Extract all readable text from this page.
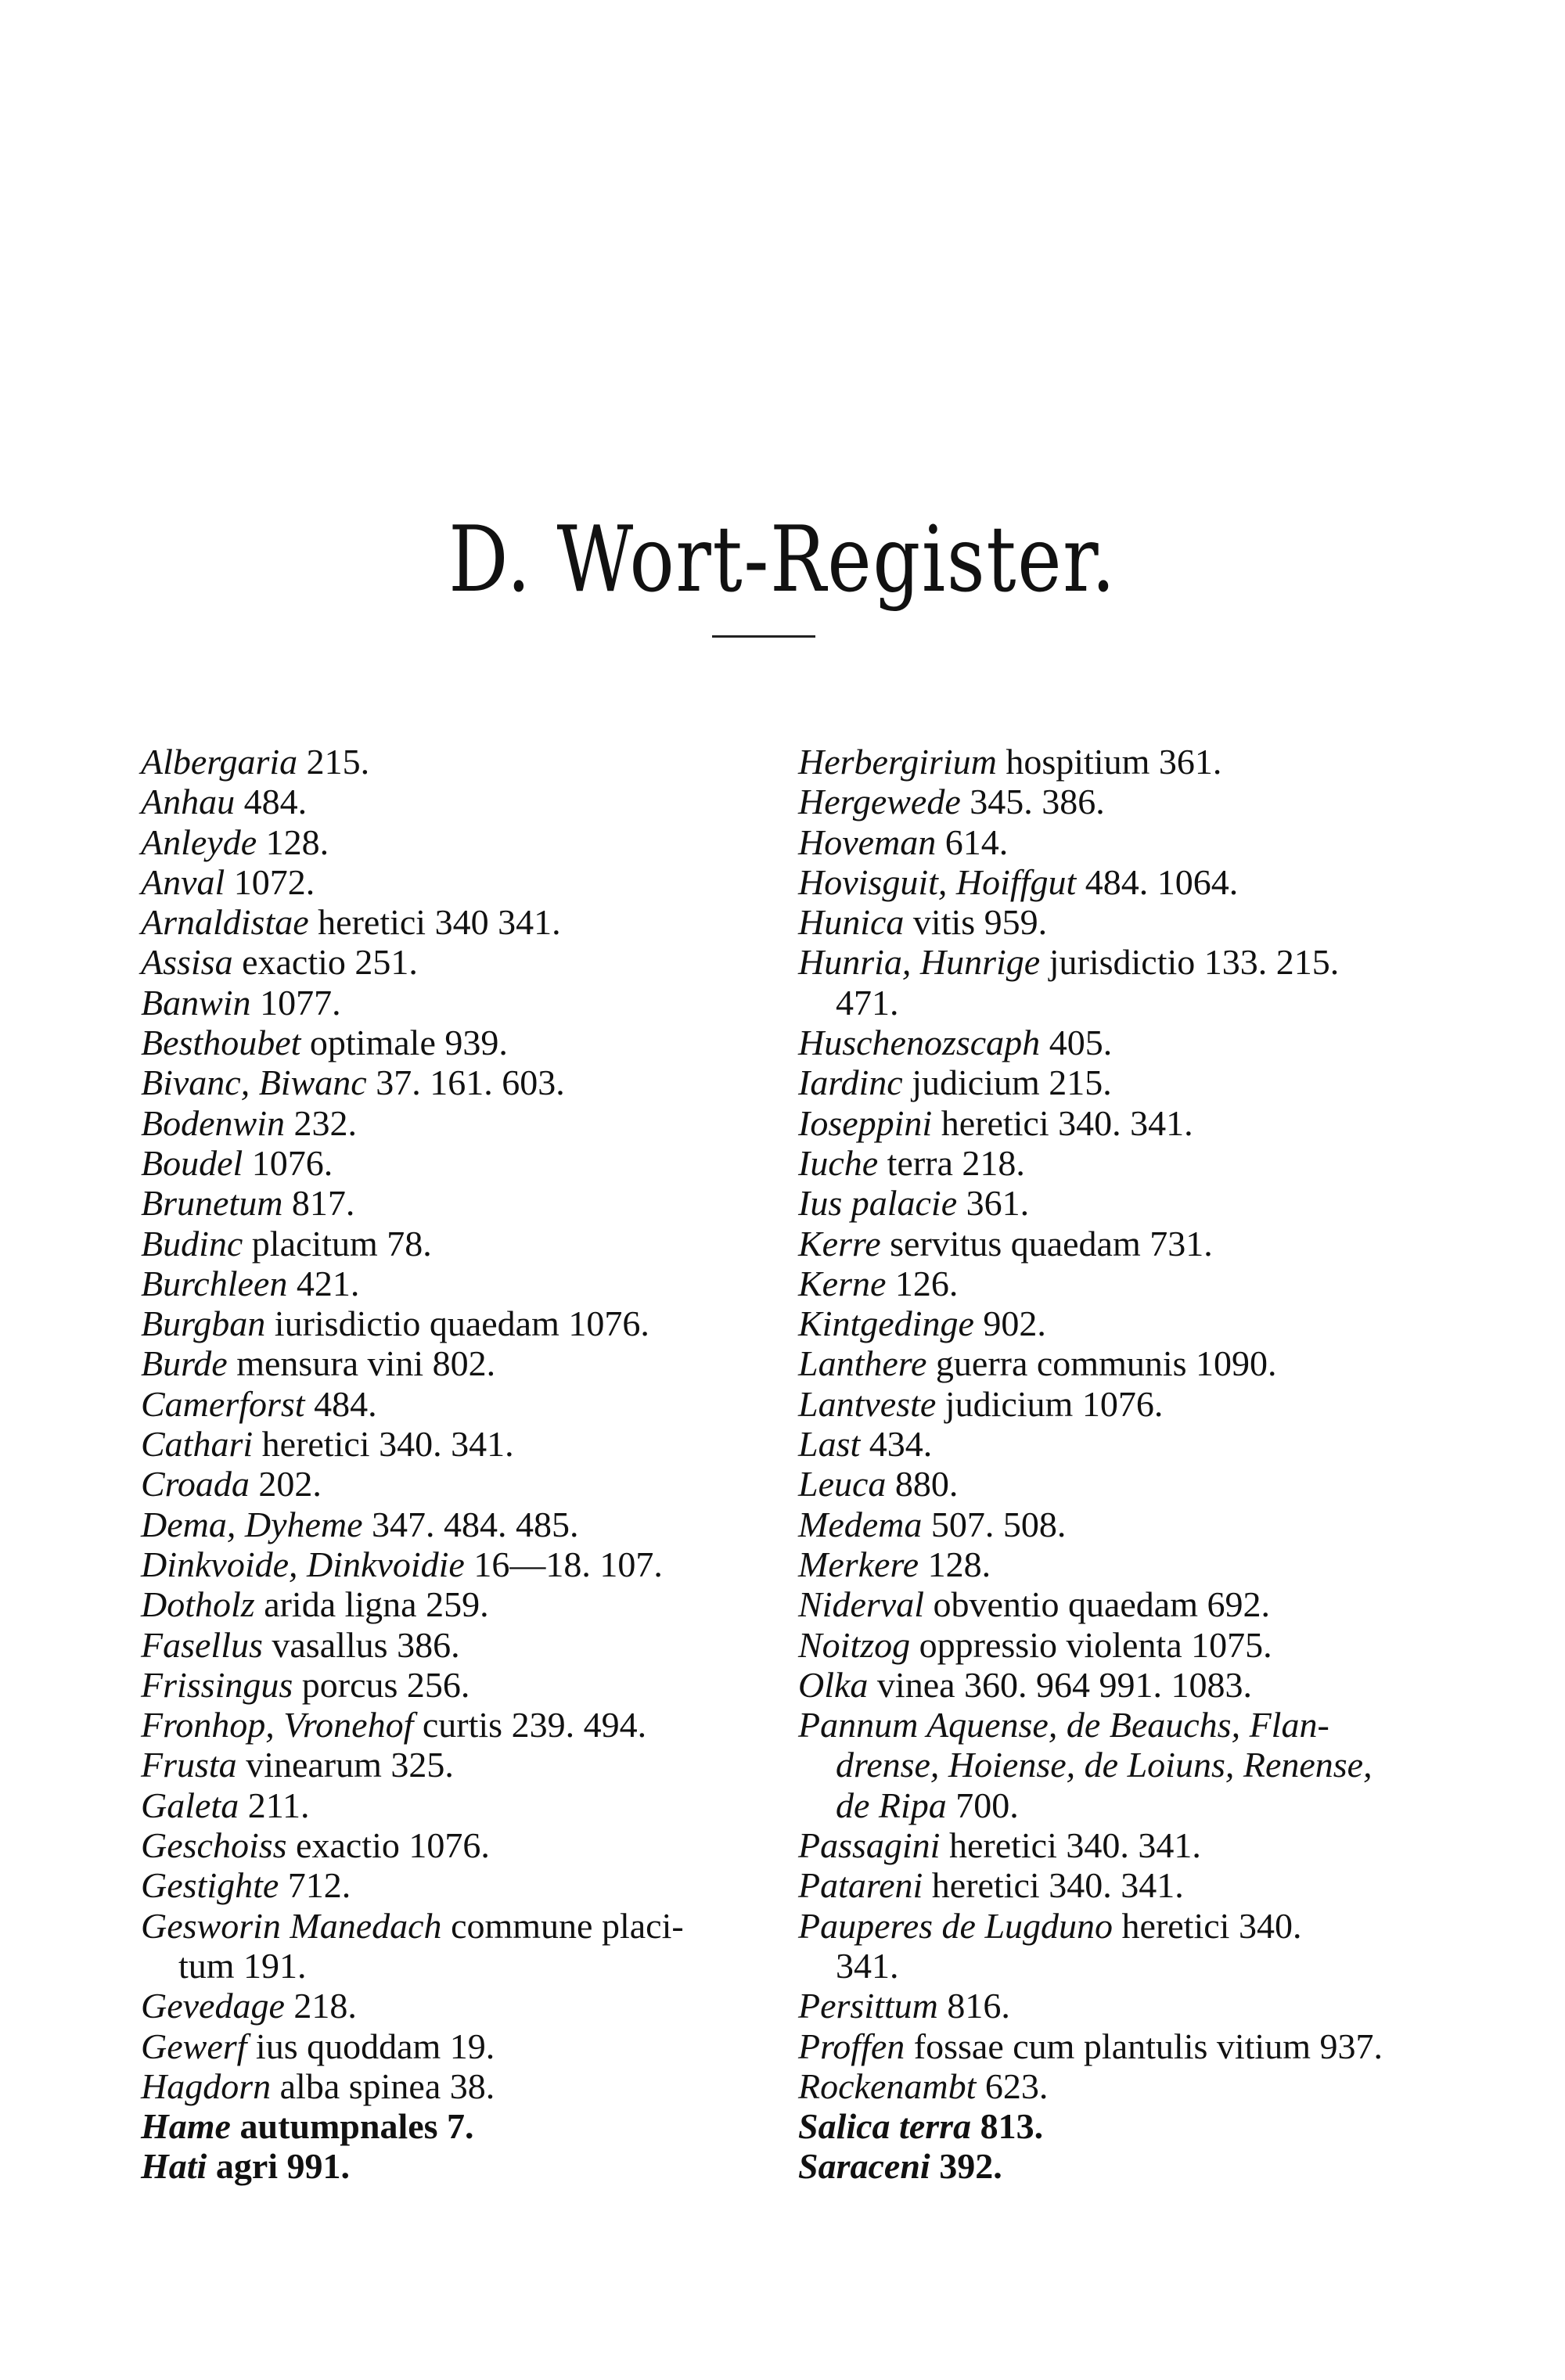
D. Wort-Register.
Albergaria 215.
Anhau 484.
Anleyde 128.
Anval 1072.
Arnaldistae heretici 340 341.
Assisa exactio 251.
Banwin 1077.
Besthoubet optimale 939.
Bivanc, Biwanc 37. 161. 603.
Bodenwin 232.
Boudel 1076.
Brunetum 817.
Budinc placitum 78.
Burchleen 421.
Burgban iurisdictio quaedam 1076.
Burde mensura vini 802.
Camerforst 484.
Cathari heretici 340. 341.
Croada 202.
Dema, Dyheme 347. 484. 485.
Dinkvoide, Dinkvoidie 16—18. 107.
Dotholz arida ligna 259.
Fasellus vasallus 386.
Frissingus porcus 256.
Fronhop, Vronehof curtis 239. 494.
Frusta vinearum 325.
Galeta 211.
Geschoiss exactio 1076.
Gestighte 712.
Gesworin Manedach commune placi-
tum 191.
Gevedage 218.
Gewerf ius quoddam 19.
Hagdorn alba spinea 38.
Hame autumpnales 7.
Hati agri 991.
Herbergirium hospitium 361.
Hergewede 345. 386.
Hoveman 614.
Hovisguit, Hoiffgut 484. 1064.
Hunica vitis 959.
Hunria, Hunrige jurisdictio 133. 215.
471.
Huschenozscaph 405.
Iardinc judicium 215.
Ioseppini heretici 340. 341.
Iuche terra 218.
Ius palacie 361.
Kerre servitus quaedam 731.
Kerne 126.
Kintgedinge 902.
Lanthere guerra communis 1090.
Lantveste judicium 1076.
Last 434.
Leuca 880.
Medema 507. 508.
Merkere 128.
Niderval obventio quaedam 692.
Noitzog oppressio violenta 1075.
Olka vinea 360. 964 991. 1083.
Pannum Aquense, de Beauchs, Flan-
drense, Hoiense, de Loiuns, Renense,
de Ripa 700.
Passagini heretici 340. 341.
Patareni heretici 340. 341.
Pauperes de Lugduno heretici 340.
341.
Persittum 816.
Proffen fossae cum plantulis vitium 937.
Rockenambt 623.
Salica terra 813.
Saraceni 392.
